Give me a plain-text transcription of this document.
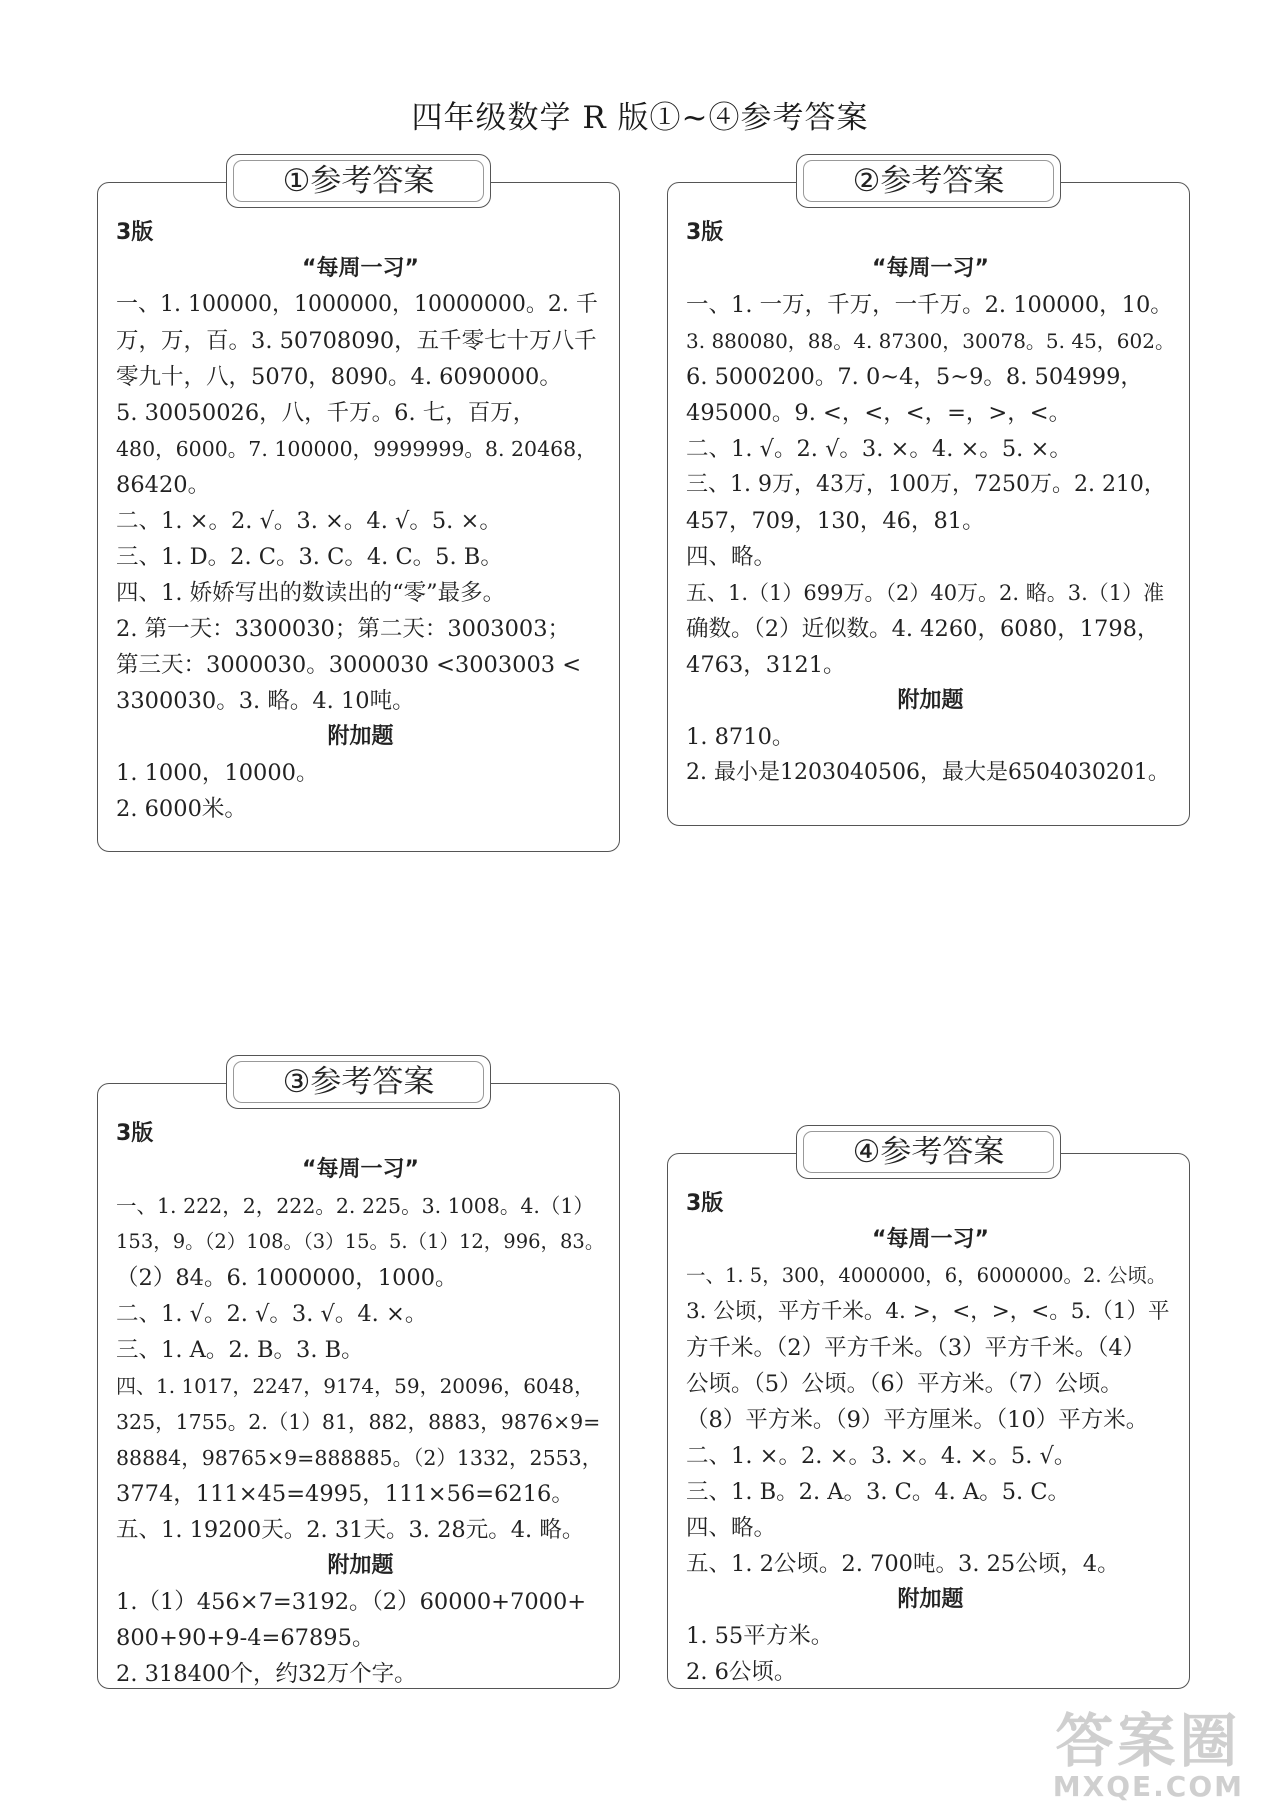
四年级数学 R 版①~④参考答案
3版
“每周一习”
一、1. 100000，1000000，10000000。2. 千
万，万，百。3. 50708090，五千零七十万八千
零九十，八，5070，8090。4. 6090000。
5. 30050026，八，千万。6. 七，百万，
480，6000。7. 100000，9999999。8. 20468，
86420。
二、1. ×。2. √。3. ×。4. √。5. ×。
三、1. D。2. C。3. C。4. C。5. B。
四、1. 娇娇写出的数读出的“零”最多。
2. 第一天：3300030；第二天：3003003；
第三天：3000030。3000030 <3003003 <
3300030。3. 略。4. 10吨。
附加题
1. 1000，10000。
2. 6000米。
①参考答案
3版
“每周一习”
一、1. 一万，千万，一千万。2. 100000，10。
3. 880080，88。4. 87300，30078。5. 45，602。
6. 5000200。7. 0~4，5~9。8. 504999，
495000。9. <，<，<，=，>，<。
二、1. √。2. √。3. ×。4. ×。5. ×。
三、1. 9万，43万，100万，7250万。2. 210，
457，709，130，46，81。
四、略。
五、1.（1）699万。（2）40万。2. 略。3.（1）准
确数。（2）近似数。4. 4260，6080，1798，
4763，3121。
附加题
1. 8710。
2. 最小是1203040506，最大是6504030201。
②参考答案
3版
“每周一习”
一、1. 222，2，222。2. 225。3. 1008。4.（1）
153，9。（2）108。（3）15。5.（1）12，996，83。
（2）84。6. 1000000，1000。
二、1. √。2. √。3. √。4. ×。
三、1. A。2. B。3. B。
四、1. 1017，2247，9174，59，20096，6048，
325，1755。2.（1）81，882，8883，9876×9=
88884，98765×9=888885。（2）1332，2553，
3774，111×45=4995，111×56=6216。
五、1. 19200天。2. 31天。3. 28元。4. 略。
附加题
1.（1）456×7=3192。（2）60000+7000+
800+90+9-4=67895。
2. 318400个，约32万个字。
③参考答案
3版
“每周一习”
一、1. 5，300，4000000，6，6000000。2. 公顷。
3. 公顷，平方千米。4. >，<，>，<。5.（1）平
方千米。（2）平方千米。（3）平方千米。（4）
公顷。（5）公顷。（6）平方米。（7）公顷。
（8）平方米。（9）平方厘米。（10）平方米。
二、1. ×。2. ×。3. ×。4. ×。5. √。
三、1. B。2. A。3. C。4. A。5. C。
四、略。
五、1. 2公顷。2. 700吨。3. 25公顷，4。
附加题
1. 55平方米。
2. 6公顷。
④参考答案
答案圈
MXQE.COM
